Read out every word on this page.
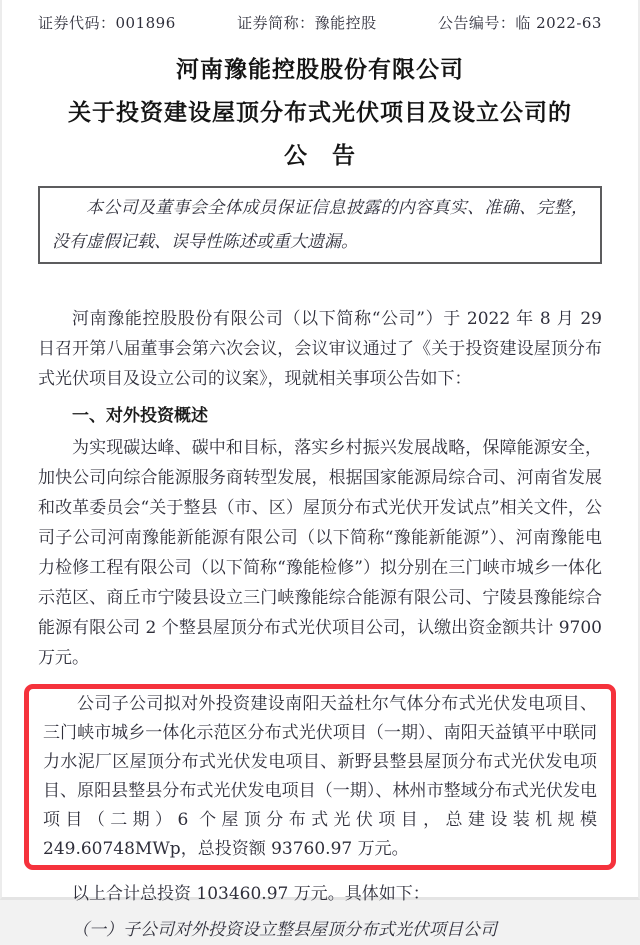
证券代码：001896	证券简称：豫能控股	公告编号：临 2022-63
河南豫能控股股份有限公司
关于投资建设屋顶分布式光伏项目及设立公司的
公　告

本公司及董事会全体成员保证信息披露的内容真实、准确、完整，没有虚假记载、误导性陈述或重大遗漏。

河南豫能控股股份有限公司（以下简称“公司”）于 2022 年 8 月 29 日召开第八届董事会第六次会议，会议审议通过了《关于投资建设屋顶分布式光伏项目及设立公司的议案》，现就相关事项公告如下：

一、对外投资概述

为实现碳达峰、碳中和目标，落实乡村振兴发展战略，保障能源安全，加快公司向综合能源服务商转型发展，根据国家能源局综合司、河南省发展和改革委员会“关于整县（市、区）屋顶分布式光伏开发试点”相关文件，公司子公司河南豫能新能源有限公司（以下简称“豫能新能源”）、河南豫能电力检修工程有限公司（以下简称“豫能检修”）拟分别在三门峡市城乡一体化示范区、商丘市宁陵县设立三门峡豫能综合能源有限公司、宁陵县豫能综合能源有限公司 2 个整县屋顶分布式光伏项目公司，认缴出资金额共计 9700 万元。

公司子公司拟对外投资建设南阳天益杜尔气体分布式光伏发电项目、三门峡市城乡一体化示范区分布式光伏项目（一期）、南阳天益镇平中联同力水泥厂区屋顶分布式光伏发电项目、新野县整县屋顶分布式光伏发电项目、原阳县整县分布式光伏发电项目（一期）、林州市整域分布式光伏发电项目（二期）6 个屋顶分布式光伏项目，总建设装机规模 249.60748MWp，总投资额 93760.97 万元。

以上合计总投资 103460.97 万元。具体如下：

（一）子公司对外投资设立整县屋顶分布式光伏项目公司
